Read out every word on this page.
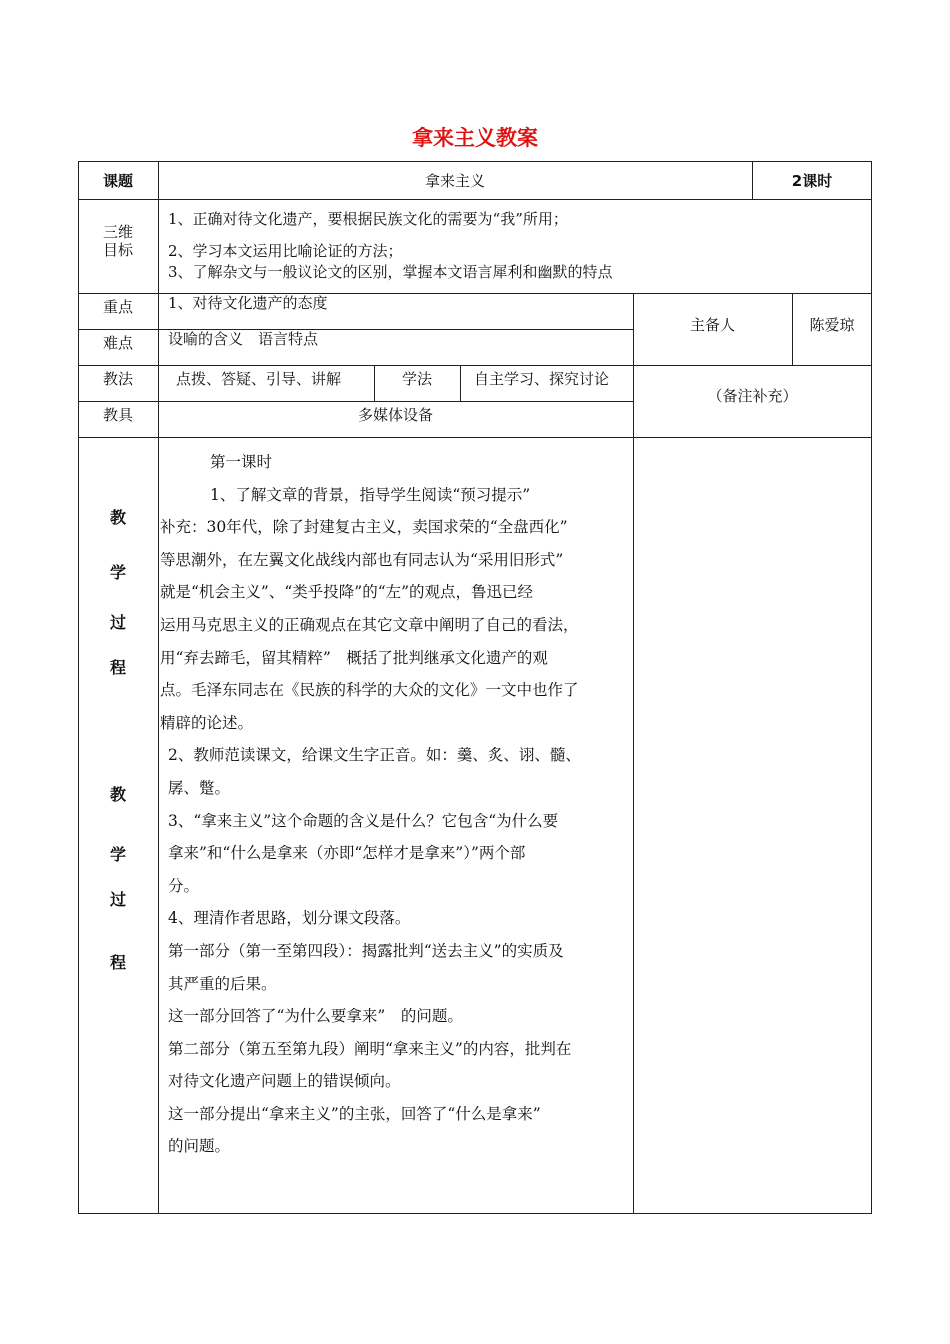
拿来主义教案
课题	拿来主义	2课时
三维
目标
1、正确对待文化遗产，要根据民族文化的需要为“我”所用；
2、学习本文运用比喻论证的方法；
3、了解杂文与一般议论文的区别，掌握本文语言犀利和幽默的特点
重点	1、对待文化遗产的态度
难点	设喻的含义　语言特点
主备人	陈爱琼
教法	点拨、答疑、引导、讲解	学法	自主学习、探究讨论
（备注补充）
教具	多媒体设备
教
学
过
程
教
学
过
程
第一课时
1、了解文章的背景，指导学生阅读“预习提示”
补充：30年代，除了封建复古主义，卖国求荣的“全盘西化”
等思潮外，在左翼文化战线内部也有同志认为“采用旧形式”
就是“机会主义”、“类乎投降”的“左”的观点，鲁迅已经
运用马克思主义的正确观点在其它文章中阐明了自己的看法，
用“弃去蹄毛，留其精粹”　概括了批判继承文化遗产的观
点。毛泽东同志在《民族的科学的大众的文化》一文中也作了
精辟的论述。
2、教师范读课文，给课文生字正音。如：羹、炙、诩、髓、
孱、蹩。
3、“拿来主义”这个命题的含义是什么？它包含“为什么要
拿来”和“什么是拿来（亦即“怎样才是拿来”）”两个部
分。
4、理清作者思路，划分课文段落。
第一部分（第一至第四段）：揭露批判“送去主义”的实质及
其严重的后果。
这一部分回答了“为什么要拿来”　的问题。
第二部分（第五至第九段）阐明“拿来主义”的内容，批判在
对待文化遗产问题上的错误倾向。
这一部分提出“拿来主义”的主张，回答了“什么是拿来”
的问题。
